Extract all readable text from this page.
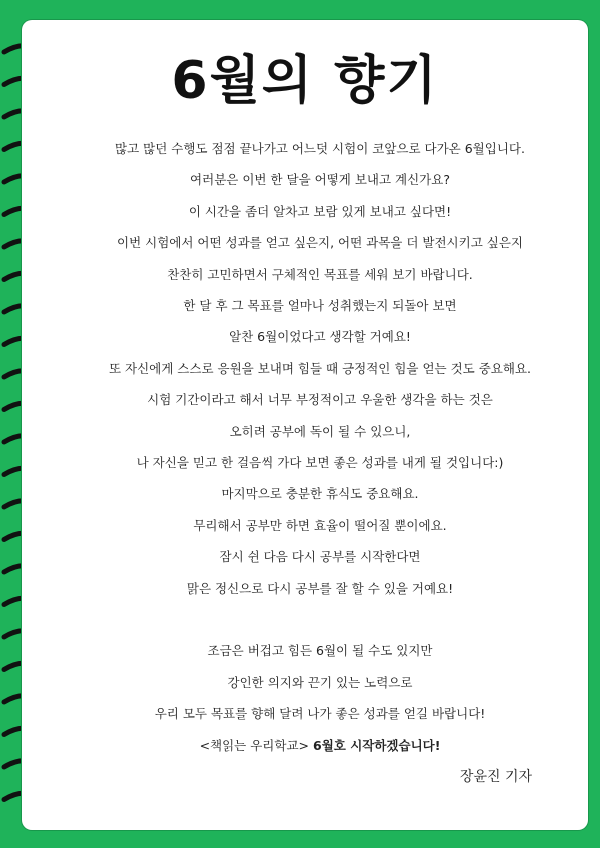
6월의 향기
많고 많던 수행도 점점 끝나가고 어느덧 시험이 코앞으로 다가온 6월입니다.
여러분은 이번 한 달을 어떻게 보내고 계신가요?
이 시간을 좀더 알차고 보람 있게 보내고 싶다면!
이번 시험에서 어떤 성과를 얻고 싶은지, 어떤 과목을 더 발전시키고 싶은지
찬찬히 고민하면서 구체적인 목표를 세워 보기 바랍니다.
한 달 후 그 목표를 얼마나 성취했는지 되돌아 보면
알찬 6월이었다고 생각할 거예요!
또 자신에게 스스로 응원을 보내며 힘들 때 긍정적인 힘을 얻는 것도 중요해요.
시험 기간이라고 해서 너무 부정적이고 우울한 생각을 하는 것은
오히려 공부에 독이 될 수 있으니,
나 자신을 믿고 한 걸음씩 가다 보면 좋은 성과를 내게 될 것입니다:)
마지막으로 충분한 휴식도 중요해요.
무리해서 공부만 하면 효율이 떨어질 뿐이에요.
잠시 쉰 다음 다시 공부를 시작한다면
맑은 정신으로 다시 공부를 잘 할 수 있을 거예요!
조금은 버겁고 힘든 6월이 될 수도 있지만
강인한 의지와 끈기 있는 노력으로
우리 모두 목표를 향해 달려 나가 좋은 성과를 얻길 바랍니다!
<책읽는 우리학교> 6월호 시작하겠습니다!
장윤진 기자
